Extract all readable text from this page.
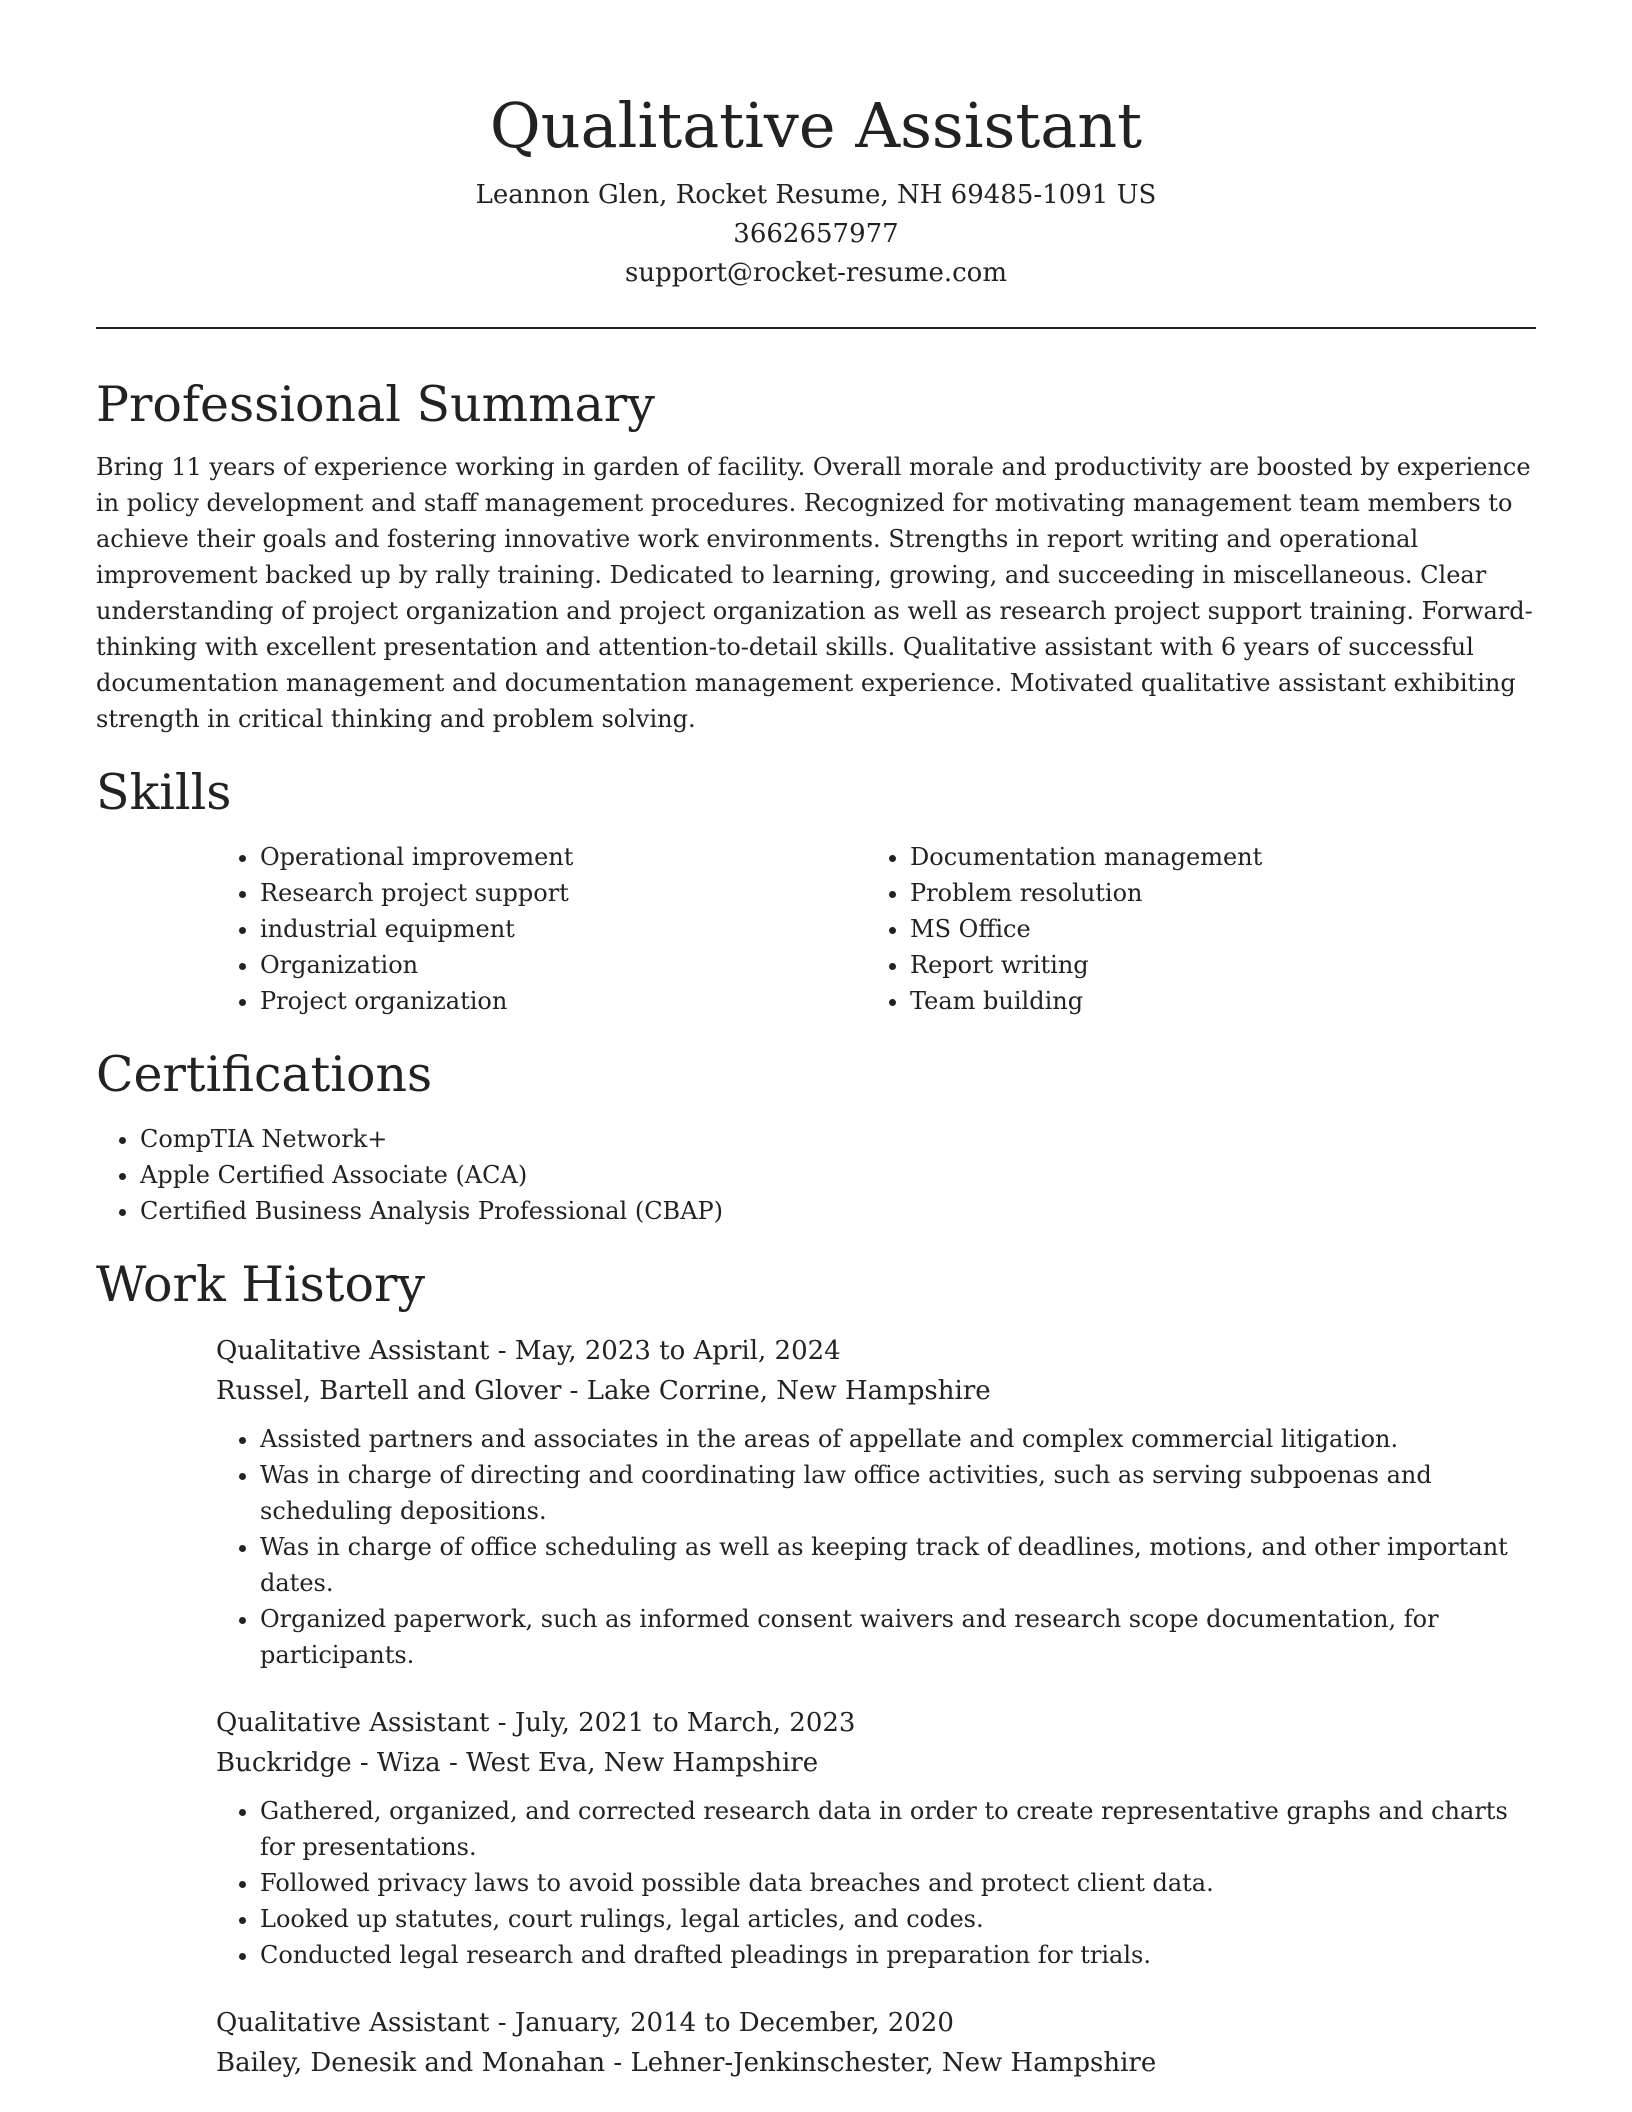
Qualitative Assistant

Leannon Glen, Rocket Resume, NH 69485-1091 US

3662657977

support@rocket-resume.com

Professional Summary

Bring 11 years of experience working in garden of facility. Overall morale and productivity are boosted by experience in policy development and staff management procedures. Recognized for motivating management team members to achieve their goals and fostering innovative work environments. Strengths in report writing and operational improvement backed up by rally training. Dedicated to learning, growing, and succeeding in miscellaneous. Clear understanding of project organization and project organization as well as research project support training. Forward-thinking with excellent presentation and attention-to-detail skills. Qualitative assistant with 6 years of successful documentation management and documentation management experience. Motivated qualitative assistant exhibiting strength in critical thinking and problem solving.

Skills
• Operational improvement
• Research project support
• industrial equipment
• Organization
• Project organization
• Documentation management
• Problem resolution
• MS Office
• Report writing
• Team building
Certifications
• CompTIA Network+
• Apple Certified Associate (ACA)
• Certified Business Analysis Professional (CBAP)
Work History

Qualitative Assistant - May, 2023 to April, 2024

Russel, Bartell and Glover - Lake Corrine, New Hampshire

• Assisted partners and associates in the areas of appellate and complex commercial litigation.
• Was in charge of directing and coordinating law office activities, such as serving subpoenas and scheduling depositions.
• Was in charge of office scheduling as well as keeping track of deadlines, motions, and other important dates.
• Organized paperwork, such as informed consent waivers and research scope documentation, for participants.

Qualitative Assistant - July, 2021 to March, 2023

Buckridge - Wiza - West Eva, New Hampshire

• Gathered, organized, and corrected research data in order to create representative graphs and charts for presentations.
• Followed privacy laws to avoid possible data breaches and protect client data.
• Looked up statutes, court rulings, legal articles, and codes.
• Conducted legal research and drafted pleadings in preparation for trials.

Qualitative Assistant - January, 2014 to December, 2020

Bailey, Denesik and Monahan - Lehner-Jenkinschester, New Hampshire
